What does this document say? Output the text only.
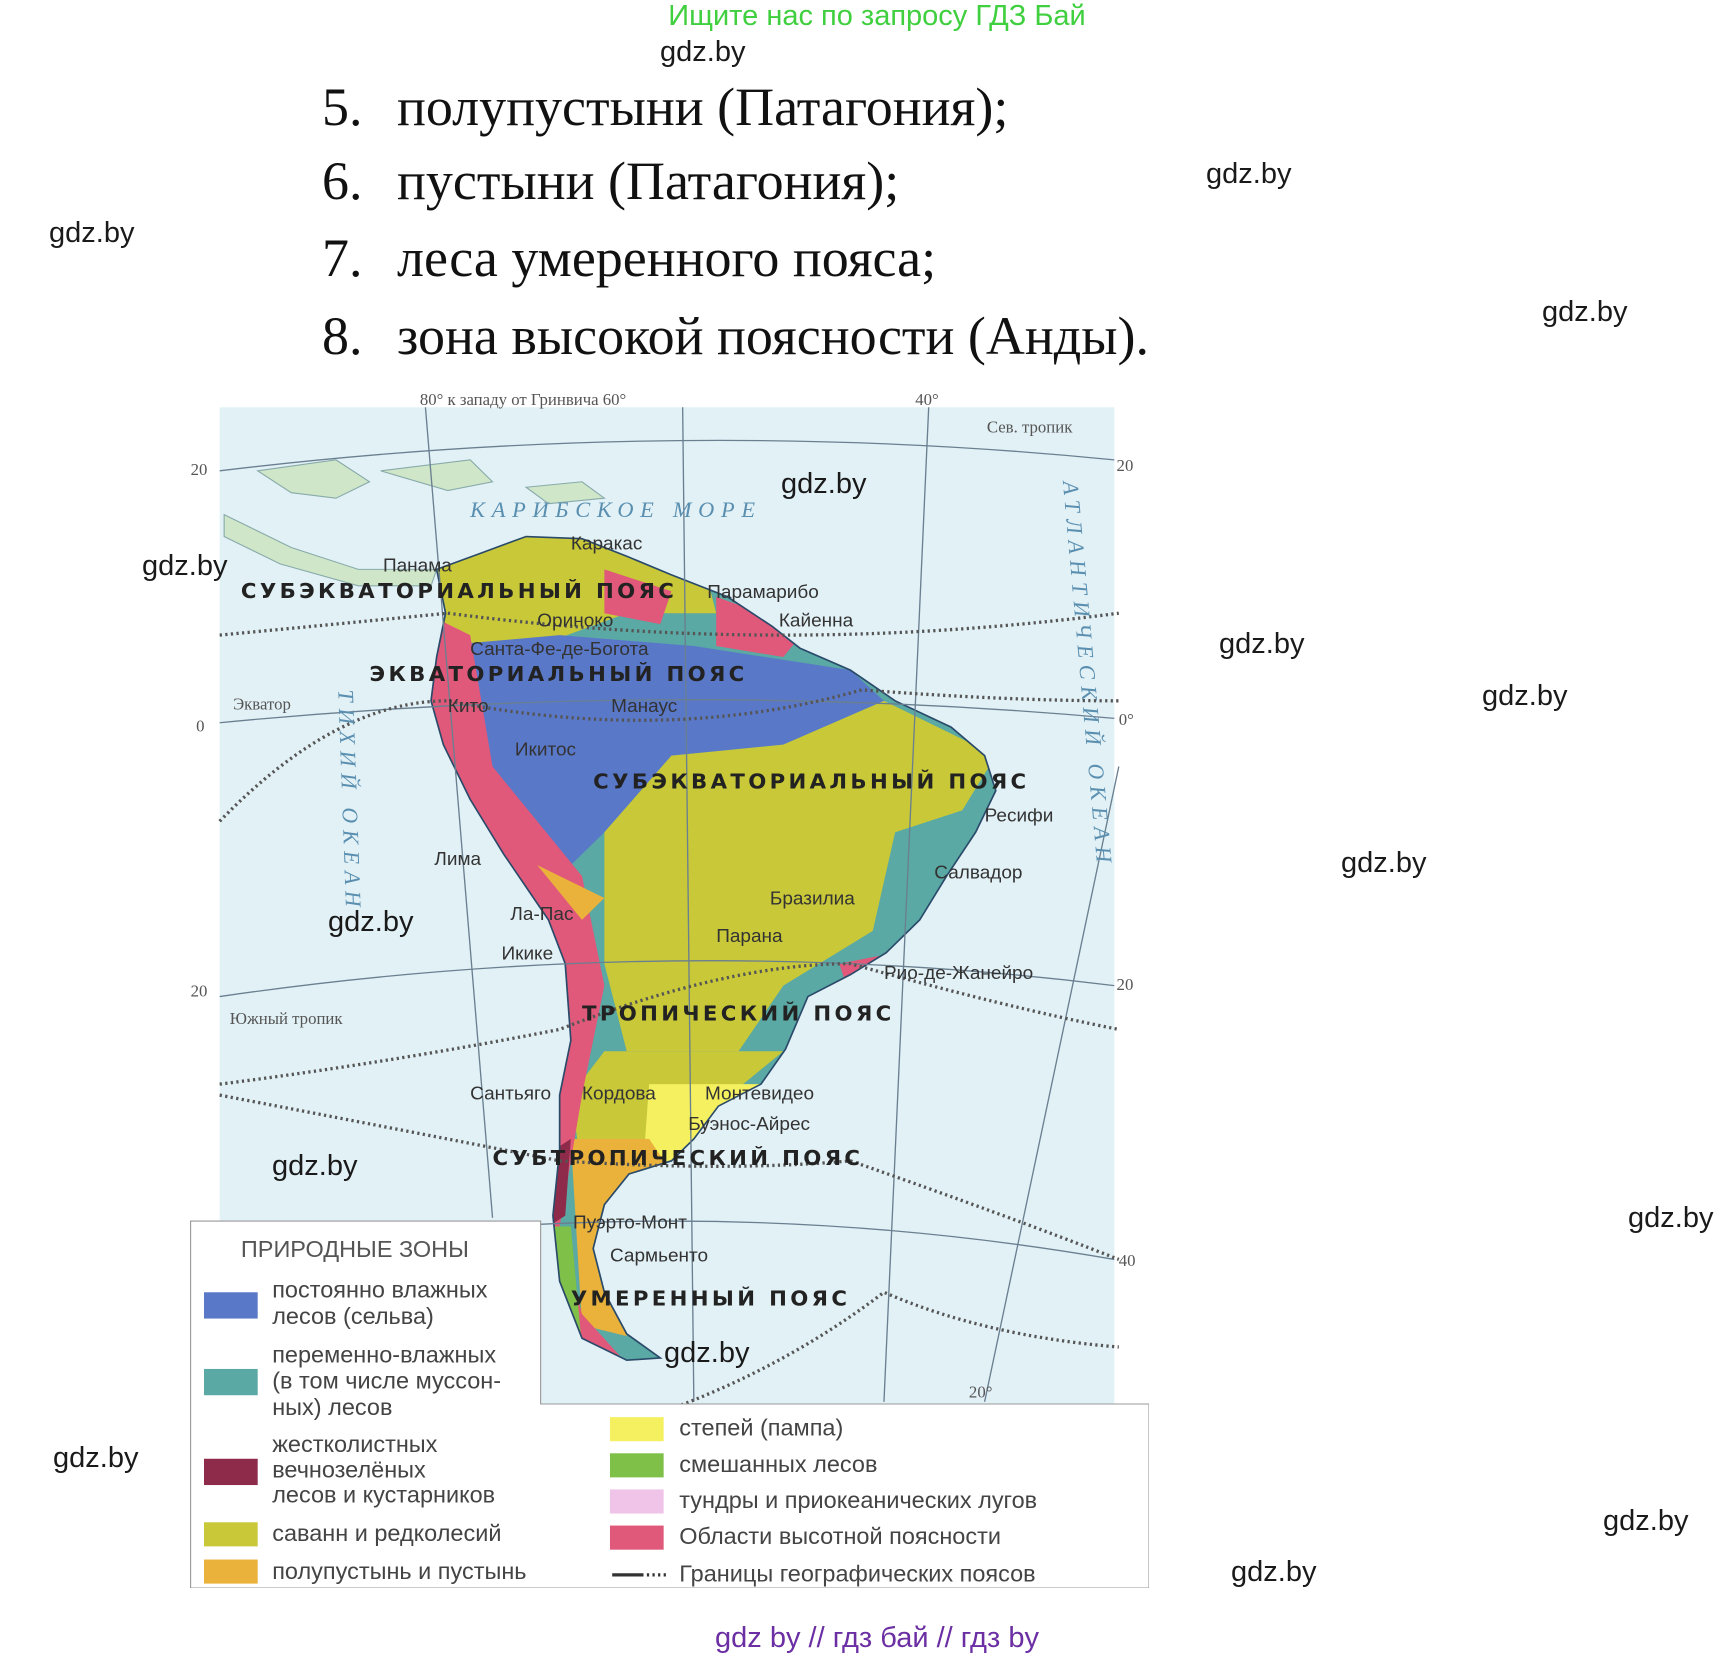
Ищите нас по запросу ГДЗ Бай
5. полупустыни (Патагония);
6. пустыни (Патагония);
7. леса умеренного пояса;
8. зона высокой поясности (Анды).
80° к западу от Гринвича 60°	40°
Сев. тропик
Экватор
Южный тропик
20
0
20
40
20°
20
0°
20
КАРИБСКОЕ МОРЕ
ТИХИЙ ОКЕАН	АТЛАНТИЧЕСКИЙ ОКЕАН
СУБЭКВАТОРИАЛЬНЫЙ ПОЯС
ЭКВАТОРИАЛЬНЫЙ ПОЯС
СУБЭКВАТОРИАЛЬНЫЙ ПОЯС
ТРОПИЧЕСКИЙ ПОЯС
СУБТРОПИЧЕСКИЙ ПОЯС
УМЕРЕННЫЙ ПОЯС
Панама
Каракас
Парамарибо
Кайенна
Санта-Фе-де-Богота
Ориноко
Манаус
Кито
Икитос
Ресифи
Салвадор
Лима
Бразилиа
Ла-Пас
Икике
Парана
Рио-де-Жанейро
Сантьяго Кордова	Монтевидео
Буэнос-Айрес
Пуэрто-Монт
Сармьенто
ПРИРОДНЫЕ ЗОНЫ
постоянно влажных
лесов (сельва)
переменно-влажных
(в том числе муссон-
ных) лесов
жестколистных
вечнозелёных
лесов и кустарников
саванн и редколесий
полупустынь и пустынь
степей (пампа)
смешанных лесов
тундры и приокеанических лугов
Области высотной поясности
Границы географических поясов
gdz.by
gdz.by
gdz.by
gdz.by
gdz.by
gdz.by
gdz.by
gdz.by
gdz.by
gdz.by
gdz.by
gdz.by
gdz.by
gdz.by
gdz.by
gdz.by
gdz by // гдз бай // гдз by
